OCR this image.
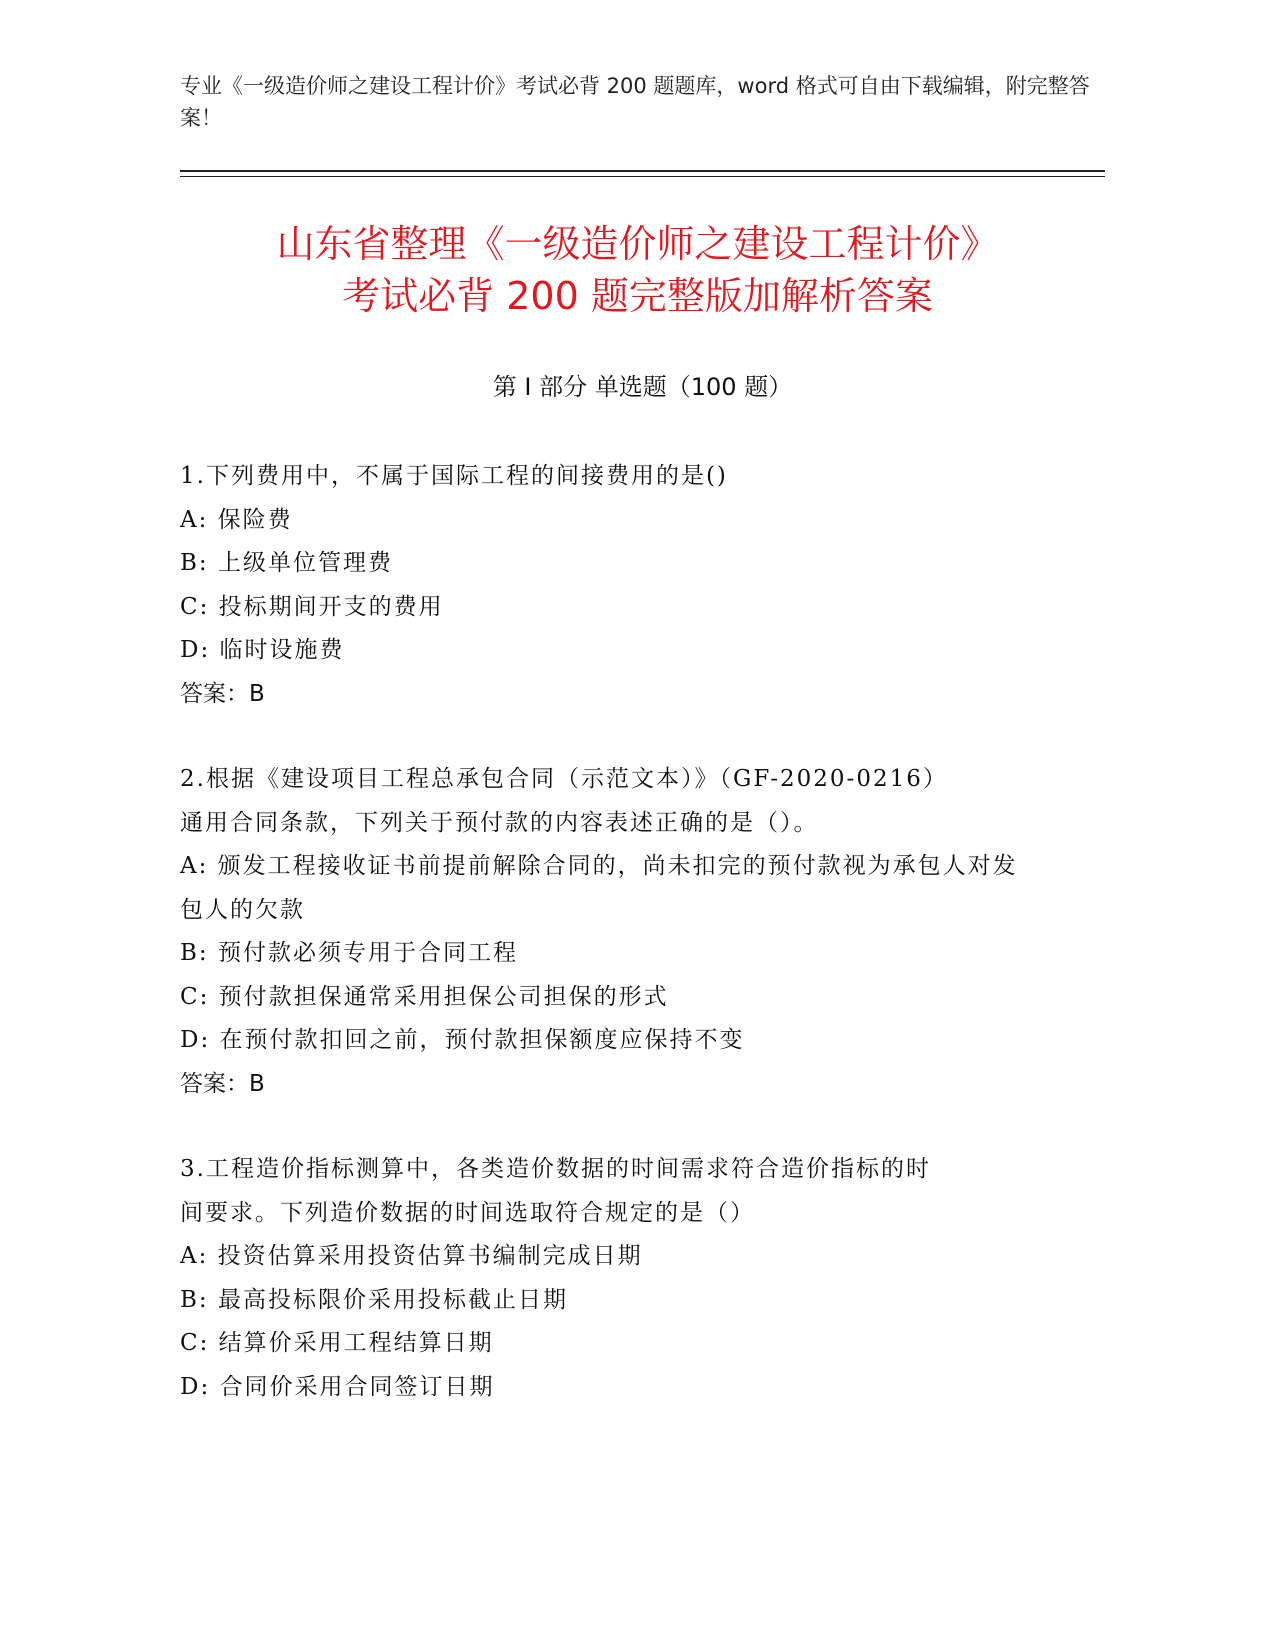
专业《一级造价师之建设工程计价》考试必背 200 题题库，word 格式可自由下载编辑，附完整答案！
山东省整理《一级造价师之建设工程计价》
考试必背 200 题完整版加解析答案
第 I 部分 单选题（100 题）
1.下列费用中，不属于国际工程的间接费用的是()
A: 保险费
B: 上级单位管理费
C: 投标期间开支的费用
D: 临时设施费
答案：B
2.根据《建设项目工程总承包合同（示范文本）》（GF-2020-0216）
通用合同条款，下列关于预付款的内容表述正确的是（）。
A: 颁发工程接收证书前提前解除合同的，尚未扣完的预付款视为承包人对发包人的欠款
B: 预付款必须专用于合同工程
C: 预付款担保通常采用担保公司担保的形式
D: 在预付款扣回之前，预付款担保额度应保持不变
答案：B
3.工程造价指标测算中，各类造价数据的时间需求符合造价指标的时
间要求。下列造价数据的时间选取符合规定的是（）
A: 投资估算采用投资估算书编制完成日期
B: 最高投标限价采用投标截止日期
C: 结算价采用工程结算日期
D: 合同价采用合同签订日期
